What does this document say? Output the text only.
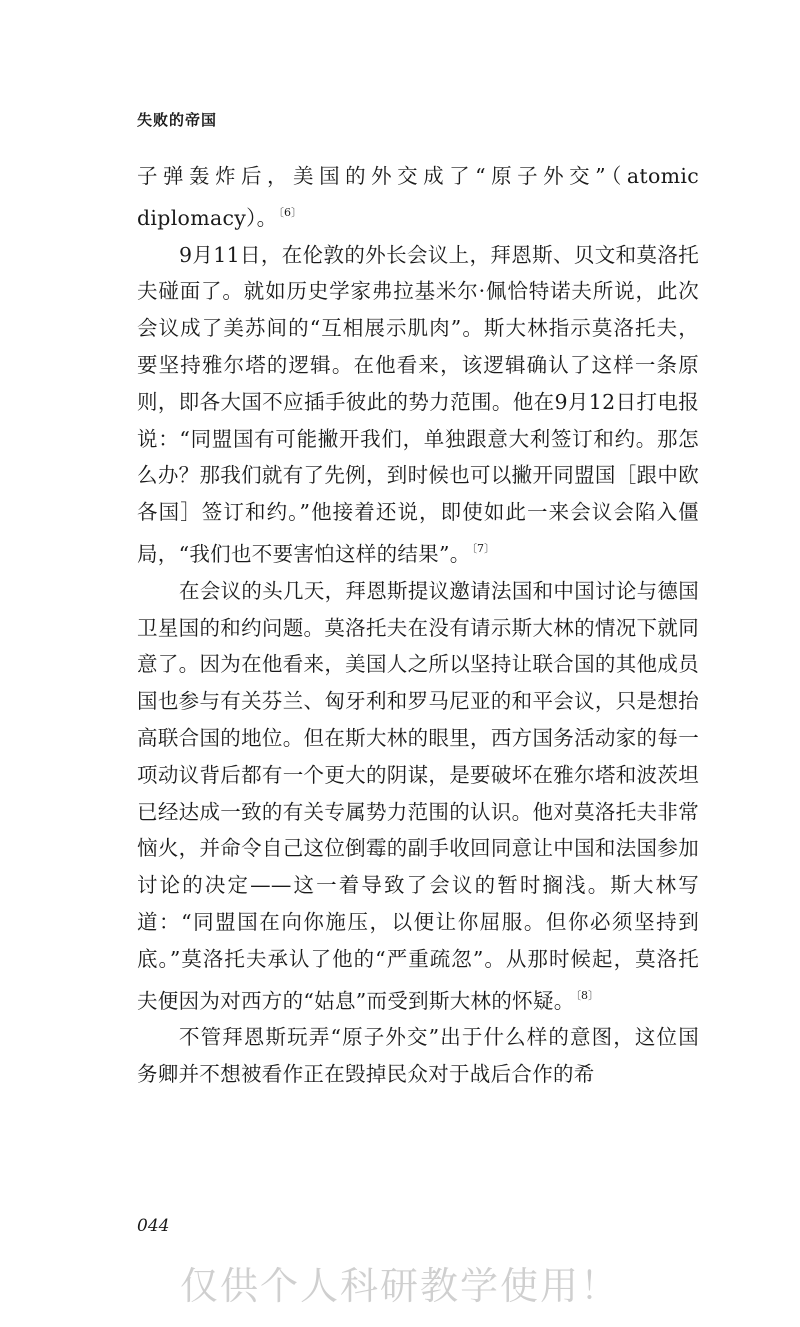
失败的帝国

子弹轰炸后，美国的外交成了“原子外交”（atomic diplomacy）。$^{〔6〕}$

9月11日，在伦敦的外长会议上，拜恩斯、贝文和莫洛托夫碰面了。就如历史学家弗拉基米尔·佩恰特诺夫所说，此次会议成了美苏间的“互相展示肌肉”。斯大林指示莫洛托夫，要坚持雅尔塔的逻辑。在他看来，该逻辑确认了这样一条原则，即各大国不应插手彼此的势力范围。他在9月12日打电报说：“同盟国有可能撇开我们，单独跟意大利签订和约。那怎么办？那我们就有了先例，到时候也可以撇开同盟国［跟中欧各国］签订和约。”他接着还说，即使如此一来会议会陷入僵局，“我们也不要害怕这样的结果”。$^{〔7〕}$

在会议的头几天，拜恩斯提议邀请法国和中国讨论与德国卫星国的和约问题。莫洛托夫在没有请示斯大林的情况下就同意了。因为在他看来，美国人之所以坚持让联合国的其他成员国也参与有关芬兰、匈牙利和罗马尼亚的和平会议，只是想抬高联合国的地位。但在斯大林的眼里，西方国务活动家的每一项动议背后都有一个更大的阴谋，是要破坏在雅尔塔和波茨坦已经达成一致的有关专属势力范围的认识。他对莫洛托夫非常恼火，并命令自己这位倒霉的副手收回同意让中国和法国参加讨论的决定——这一着导致了会议的暂时搁浅。斯大林写道：“同盟国在向你施压，以便让你屈服。但你必须坚持到底。”莫洛托夫承认了他的“严重疏忽”。从那时候起，莫洛托夫便因为对西方的“姑息”而受到斯大林的怀疑。$^{〔8〕}$

不管拜恩斯玩弄“原子外交”出于什么样的意图，这位国务卿并不想被看作正在毁掉民众对于战后合作的希

044
仅供个人科研教学使用！
